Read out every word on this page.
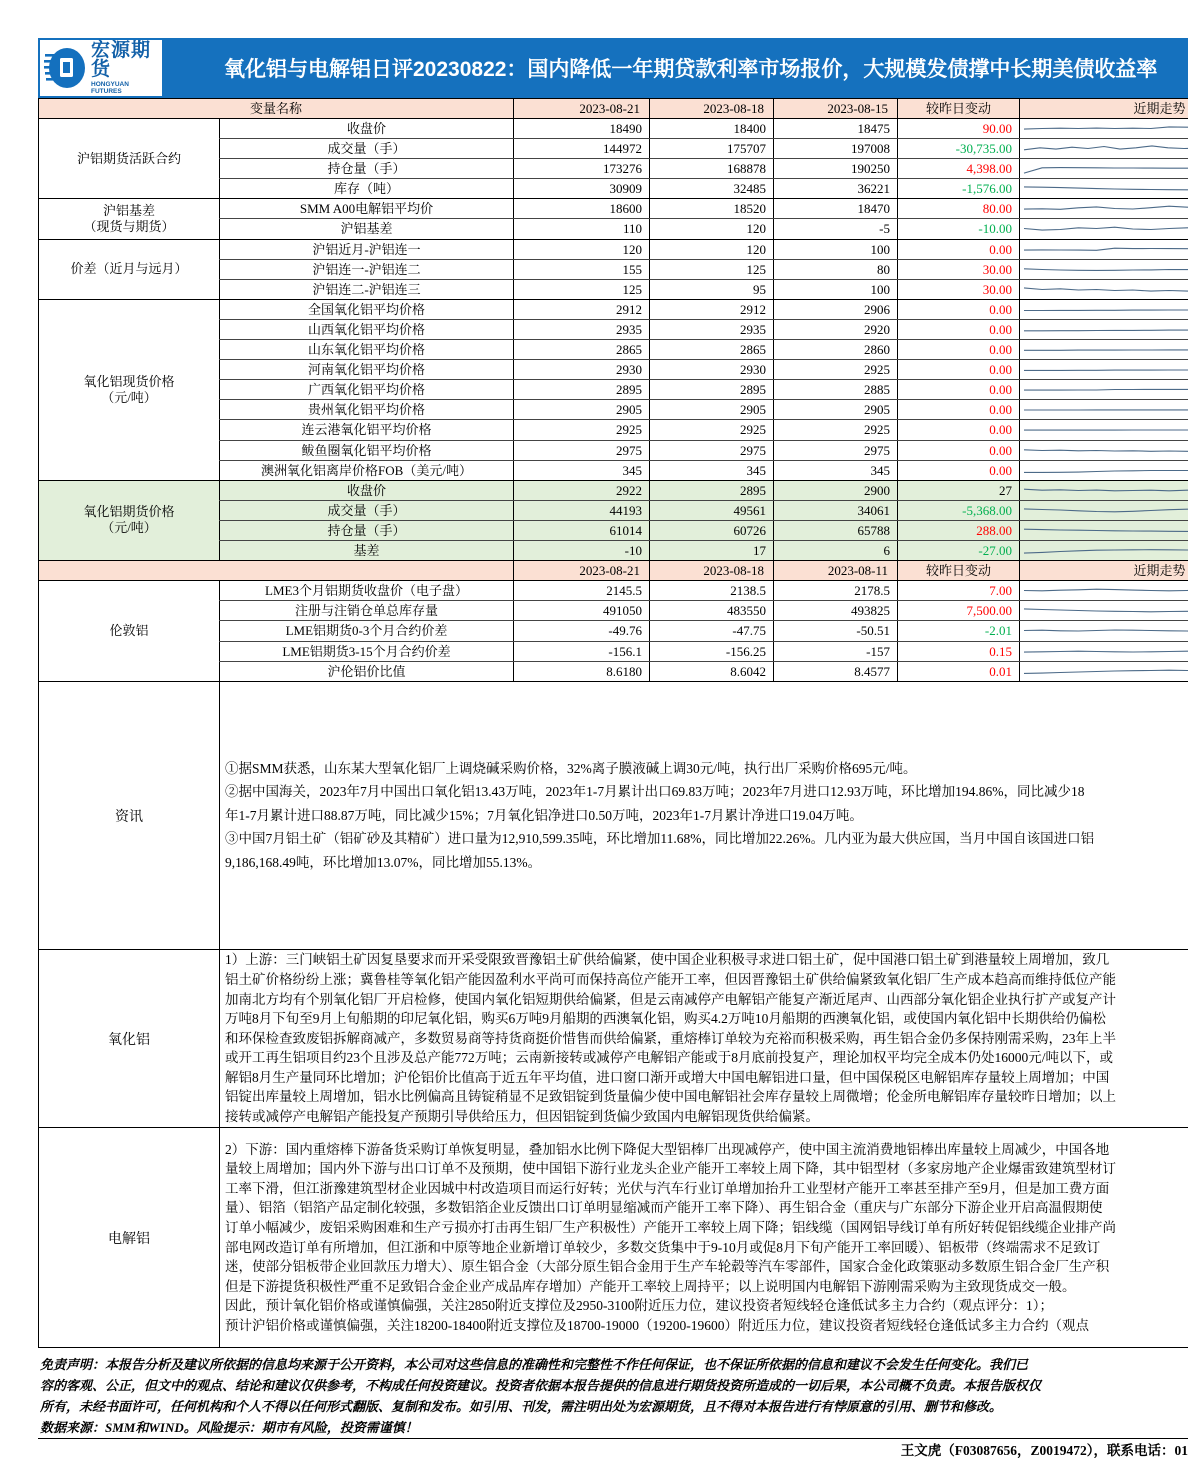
宏源期货
HONGYUAN FUTURES
氧化铝与电解铝日评20230822：国内降低一年期贷款利率市场报价，大规模发债撑中长期美债收益率
变量名称	2023-08-21	2023-08-18	2023-08-15	较昨日变动	近期走势
沪铝期货活跃合约
收盘价	18490	18400	18475	90.00
成交量（手）	144972	175707	197008	-30,735.00
持仓量（手）	173276	168878	190250	4,398.00
库存（吨）	30909	32485	36221	-1,576.00
沪铝基差
（现货与期货）
SMM A00电解铝平均价	18600	18520	18470	80.00
沪铝基差	110	120	-5	-10.00
价差（近月与远月）
沪铝近月-沪铝连一	120	120	100	0.00
沪铝连一-沪铝连二	155	125	80	30.00
沪铝连二-沪铝连三	125	95	100	30.00
氧化铝现货价格
（元/吨）
全国氧化铝平均价格	2912	2912	2906	0.00
山西氧化铝平均价格	2935	2935	2920	0.00
山东氧化铝平均价格	2865	2865	2860	0.00
河南氧化铝平均价格	2930	2930	2925	0.00
广西氧化铝平均价格	2895	2895	2885	0.00
贵州氧化铝平均价格	2905	2905	2905	0.00
连云港氧化铝平均价格	2925	2925	2925	0.00
鲅鱼圈氧化铝平均价格	2975	2975	2975	0.00
澳洲氧化铝离岸价格FOB（美元/吨）	345	345	345	0.00
氧化铝期货价格
（元/吨）
收盘价	2922	2895	2900	27
成交量（手）	44193	49561	34061	-5,368.00
持仓量（手）	61014	60726	65788	288.00
基差	-10	17	6	-27.00
2023-08-21	2023-08-18	2023-08-11	较昨日变动	近期走势
伦敦铝
LME3个月铝期货收盘价（电子盘）	2145.5	2138.5	2178.5	7.00
注册与注销仓单总库存量	491050	483550	493825	7,500.00
LME铝期货0-3个月合约价差	-49.76	-47.75	-50.51	-2.01
LME铝期货3-15个月合约价差	-156.1	-156.25	-157	0.15
沪伦铝价比值	8.6180	8.6042	8.4577	0.01
资讯
①据SMM获悉，山东某大型氧化铝厂上调烧碱采购价格，32%离子膜液碱上调30元/吨，执行出厂采购价格695元/吨。
②据中国海关，2023年7月中国出口氧化铝13.43万吨，2023年1-7月累计出口69.83万吨；2023年7月进口12.93万吨，环比增加194.86%，同比减少18
年1-7月累计进口88.87万吨，同比减少15%；7月氧化铝净进口0.50万吨，2023年1-7月累计净进口19.04万吨。
③中国7月铝土矿（铝矿砂及其精矿）进口量为12,910,599.35吨，环比增加11.68%，同比增加22.26%。几内亚为最大供应国，当月中国自该国进口铝
9,186,168.49吨，环比增加13.07%，同比增加55.13%。
氧化铝
1）上游：三门峡铝土矿因复垦要求而开采受限致晋豫铝土矿供给偏紧，使中国企业积极寻求进口铝土矿，促中国港口铝土矿到港量较上周增加，致几
铝土矿价格纷纷上涨；冀鲁桂等氧化铝产能因盈利水平尚可而保持高位产能开工率，但因晋豫铝土矿供给偏紧致氧化铝厂生产成本趋高而维持低位产能
加南北方均有个别氧化铝厂开启检修，使国内氧化铝短期供给偏紧，但是云南减停产电解铝产能复产渐近尾声、山西部分氧化铝企业执行扩产或复产计
万吨8月下旬至9月上旬船期的印尼氧化铝，购买6万吨9月船期的西澳氧化铝，购买4.2万吨10月船期的西澳氧化铝，或使国内氧化铝中长期供给仍偏松
和环保检查致废铝拆解商减产，多数贸易商等持货商挺价惜售而供给偏紧，重熔棒订单较为充裕而积极采购，再生铝合金仍多保持刚需采购，23年上半
或开工再生铝项目约23个且涉及总产能772万吨；云南新接转或减停产电解铝产能或于8月底前投复产，理论加权平均完全成本仍处16000元/吨以下，或
解铝8月生产量同环比增加；沪伦铝价比值高于近五年平均值，进口窗口渐开或增大中国电解铝进口量，但中国保税区电解铝库存量较上周增加；中国
铝锭出库量较上周增加，铝水比例偏高且铸锭稍显不足致铝锭到货量偏少使中国电解铝社会库存量较上周微增；伦金所电解铝库存量较昨日增加；以上
接转或减停产电解铝产能投复产预期引导供给压力，但因铝锭到货偏少致国内电解铝现货供给偏紧。
电解铝
2）下游：国内重熔棒下游备货采购订单恢复明显，叠加铝水比例下降促大型铝棒厂出现减停产，使中国主流消费地铝棒出库量较上周减少，中国各地
量较上周增加；国内外下游与出口订单不及预期，使中国铝下游行业龙头企业产能开工率较上周下降，其中铝型材（多家房地产企业爆雷致建筑型材订
工率下滑，但江浙豫建筑型材企业因城中村改造项目而运行好转；光伏与汽车行业订单增加抬升工业型材产能开工率甚至排产至9月，但是加工费方面
量）、铝箔（铝箔产品定制化较强，多数铝箔企业反馈出口订单明显缩减而产能开工率下降）、再生铝合金（重庆与广东部分下游企业开启高温假期使
订单小幅减少，废铝采购困难和生产亏损亦打击再生铝厂生产积极性）产能开工率较上周下降；铝线缆（国网铝导线订单有所好转促铝线缆企业排产尚
部电网改造订单有所增加，但江浙和中原等地企业新增订单较少，多数交货集中于9-10月或促8月下旬产能开工率回暖）、铝板带（终端需求不足致订
迷，使部分铝板带企业回款压力增大）、原生铝合金（大部分原生铝合金用于生产车轮毂等汽车零部件，国家合金化政策驱动多数原生铝合金厂生产积
但是下游提货积极性严重不足致铝合金企业产成品库存增加）产能开工率较上周持平；以上说明国内电解铝下游刚需采购为主致现货成交一般。
因此，预计氧化铝价格或谨慎偏强，关注2850附近支撑位及2950-3100附近压力位，建议投资者短线轻仓逢低试多主力合约（观点评分：1）；
预计沪铝价格或谨慎偏强，关注18200-18400附近支撑位及18700-19000（19200-19600）附近压力位，建议投资者短线轻仓逢低试多主力合约（观点
免责声明：本报告分析及建议所依据的信息均来源于公开资料，本公司对这些信息的准确性和完整性不作任何保证，也不保证所依据的信息和建议不会发生任何变化。我们已
容的客观、公正，但文中的观点、结论和建议仅供参考，不构成任何投资建议。投资者依据本报告提供的信息进行期货投资所造成的一切后果，本公司概不负责。本报告版权仅
所有，未经书面许可，任何机构和个人不得以任何形式翻版、复制和发布。如引用、刊发，需注明出处为宏源期货，且不得对本报告进行有悖原意的引用、删节和修改。
数据来源：SMM和WIND。风险提示：期市有风险，投资需谨慎！
王文虎（F03087656，Z0019472），联系电话：01
